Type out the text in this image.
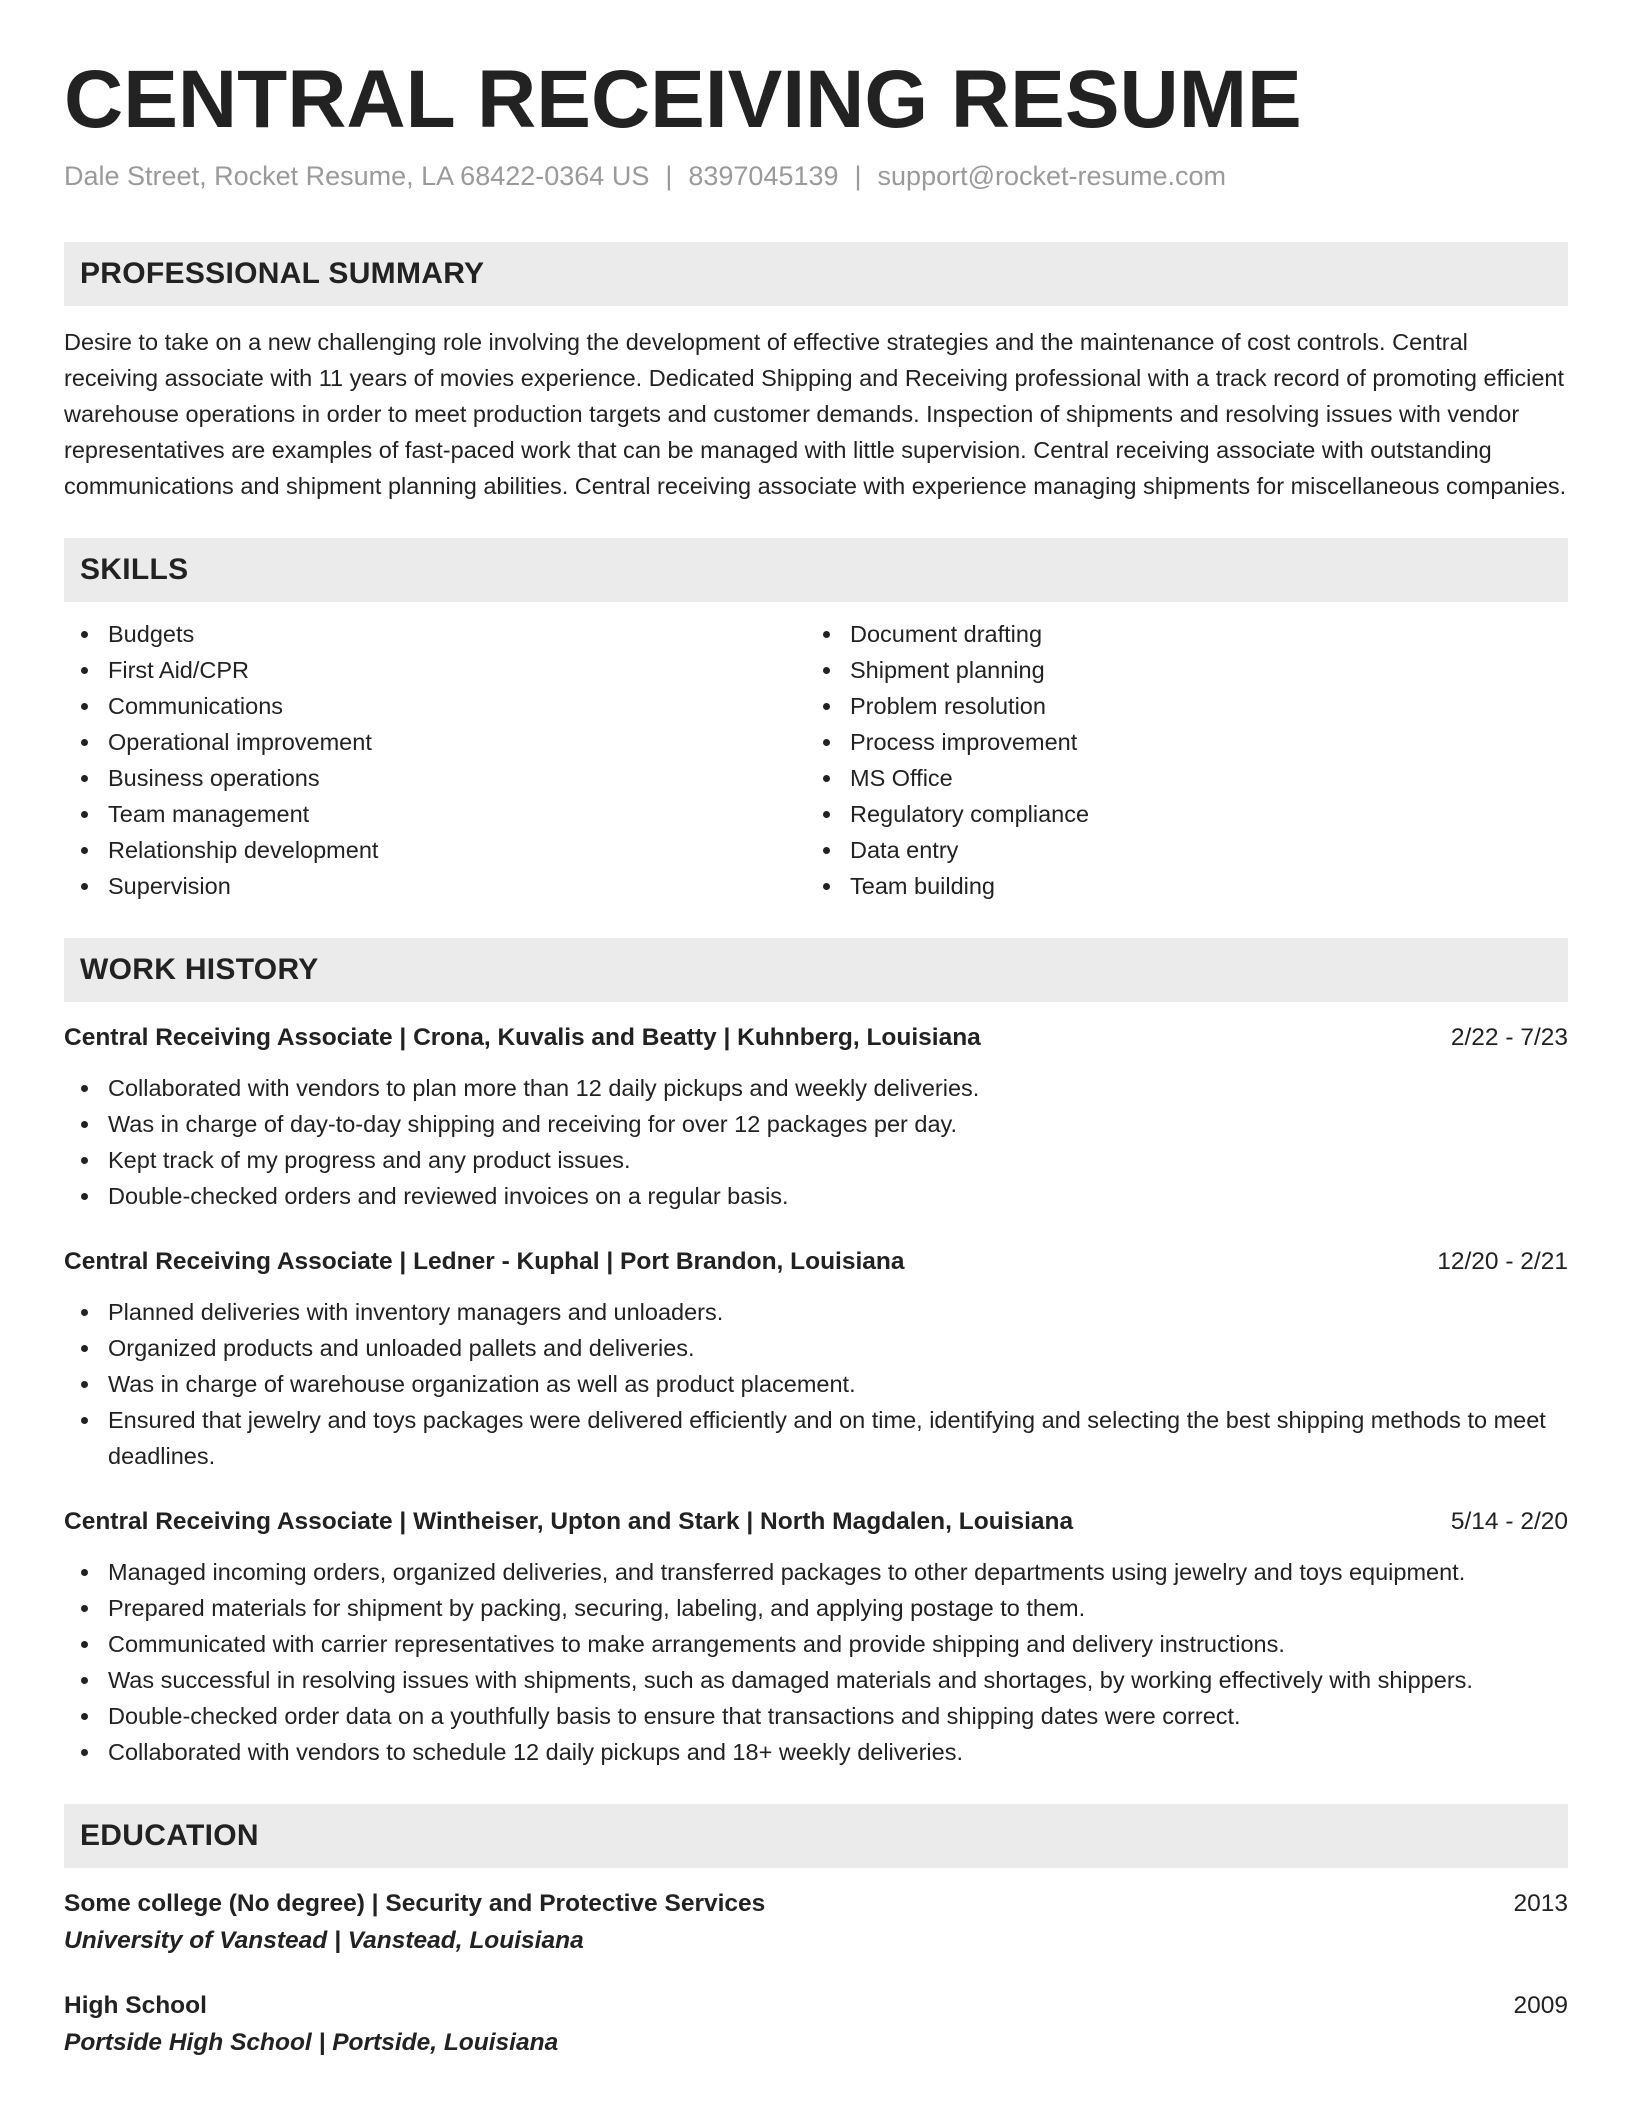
CENTRAL RECEIVING RESUME
Dale Street, Rocket Resume, LA 68422-0364 US | 8397045139 | support@rocket-resume.com
PROFESSIONAL SUMMARY
Desire to take on a new challenging role involving the development of effective strategies and the maintenance of cost controls. Central receiving associate with 11 years of movies experience. Dedicated Shipping and Receiving professional with a track record of promoting efficient warehouse operations in order to meet production targets and customer demands. Inspection of shipments and resolving issues with vendor representatives are examples of fast-paced work that can be managed with little supervision. Central receiving associate with outstanding communications and shipment planning abilities. Central receiving associate with experience managing shipments for miscellaneous companies.
SKILLS
Budgets
First Aid/CPR
Communications
Operational improvement
Business operations
Team management
Relationship development
Supervision
Document drafting
Shipment planning
Problem resolution
Process improvement
MS Office
Regulatory compliance
Data entry
Team building
WORK HISTORY
Central Receiving Associate | Crona, Kuvalis and Beatty | Kuhnberg, Louisiana	2/22 - 7/23
Collaborated with vendors to plan more than 12 daily pickups and weekly deliveries.
Was in charge of day-to-day shipping and receiving for over 12 packages per day.
Kept track of my progress and any product issues.
Double-checked orders and reviewed invoices on a regular basis.
Central Receiving Associate | Ledner - Kuphal | Port Brandon, Louisiana	12/20 - 2/21
Planned deliveries with inventory managers and unloaders.
Organized products and unloaded pallets and deliveries.
Was in charge of warehouse organization as well as product placement.
Ensured that jewelry and toys packages were delivered efficiently and on time, identifying and selecting the best shipping methods to meet deadlines.
Central Receiving Associate | Wintheiser, Upton and Stark | North Magdalen, Louisiana	5/14 - 2/20
Managed incoming orders, organized deliveries, and transferred packages to other departments using jewelry and toys equipment.
Prepared materials for shipment by packing, securing, labeling, and applying postage to them.
Communicated with carrier representatives to make arrangements and provide shipping and delivery instructions.
Was successful in resolving issues with shipments, such as damaged materials and shortages, by working effectively with shippers.
Double-checked order data on a youthfully basis to ensure that transactions and shipping dates were correct.
Collaborated with vendors to schedule 12 daily pickups and 18+ weekly deliveries.
EDUCATION
Some college (No degree) | Security and Protective Services	2013
University of Vanstead | Vanstead, Louisiana
High School	2009
Portside High School | Portside, Louisiana
